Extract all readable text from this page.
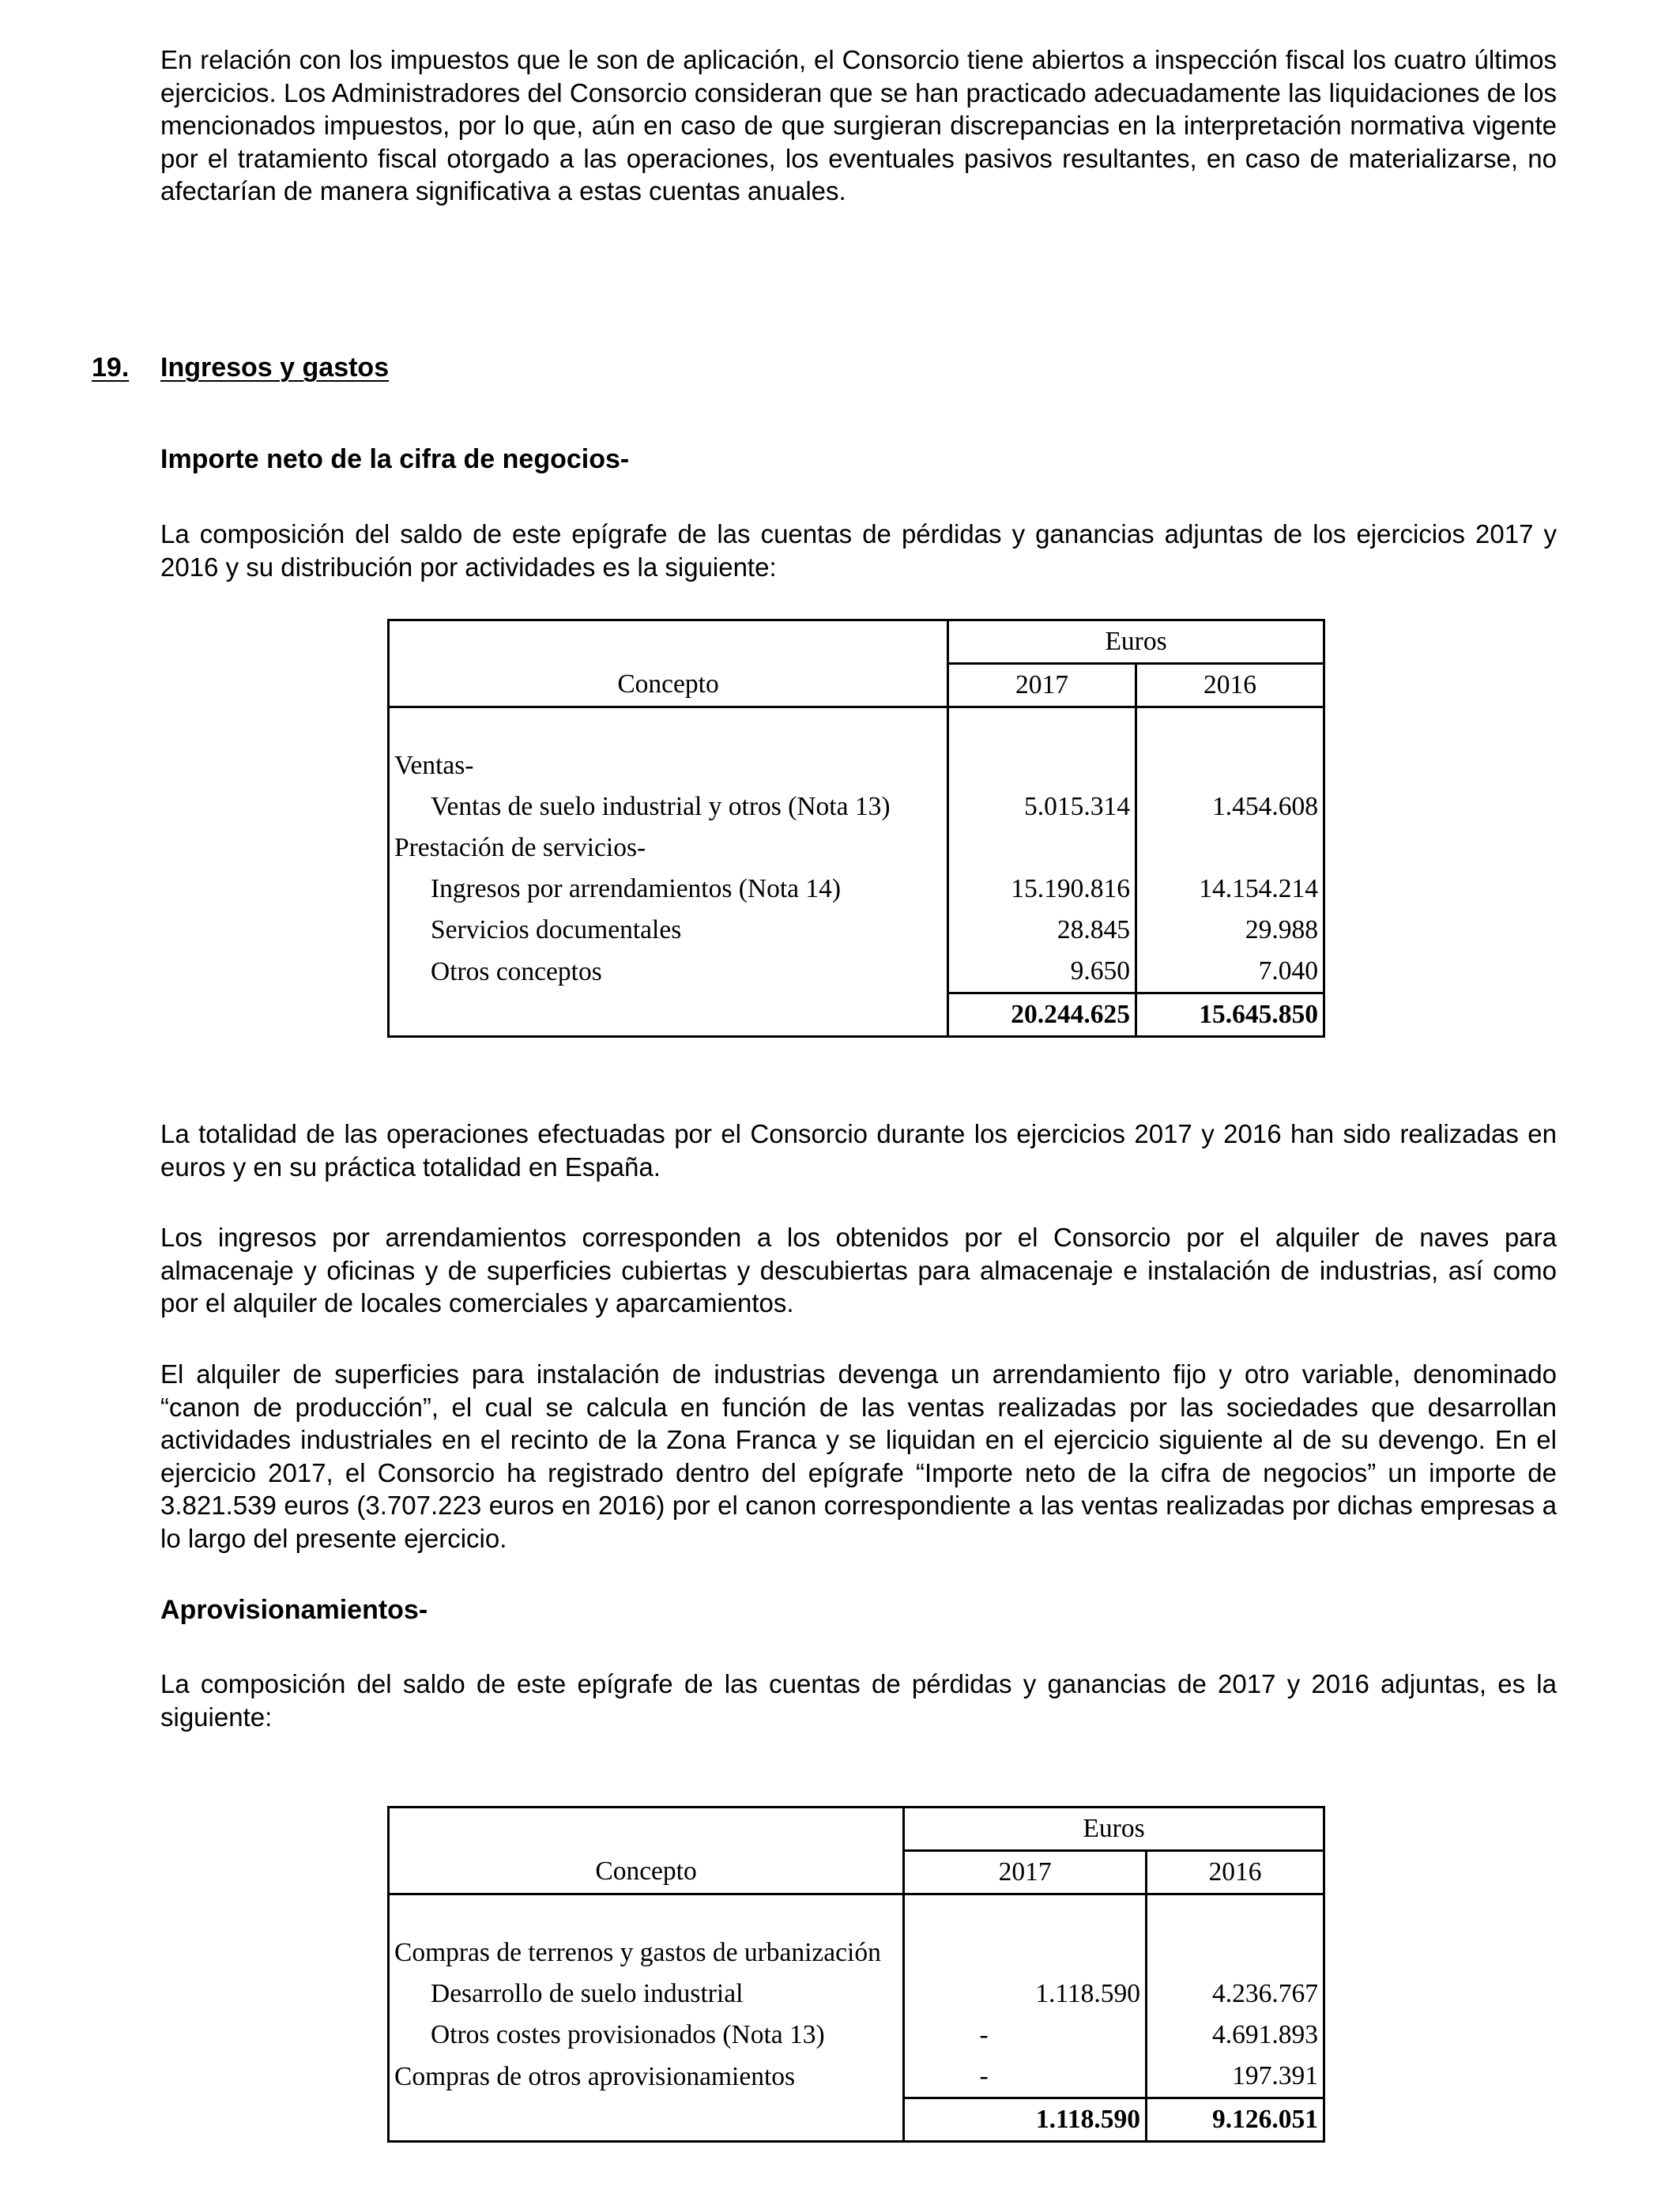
En relación con los impuestos que le son de aplicación, el Consorcio tiene abiertos a inspección fiscal los cuatro últimos ejercicios. Los Administradores del Consorcio consideran que se han practicado adecuadamente las liquidaciones de los mencionados impuestos, por lo que, aún en caso de que surgieran discrepancias en la interpretación normativa vigente por el tratamiento fiscal otorgado a las operaciones, los eventuales pasivos resultantes, en caso de materializarse, no afectarían de manera significativa a estas cuentas anuales.
19. Ingresos y gastos
Importe neto de la cifra de negocios-
La composición del saldo de este epígrafe de las cuentas de pérdidas y ganancias adjuntas de los ejercicios 2017 y 2016 y su distribución por actividades es la siguiente:
	Euros	
Concepto	2017	2016

Ventas-		
Ventas de suelo industrial y otros (Nota 13)	5.015.314	1.454.608
Prestación de servicios-		
Ingresos por arrendamientos (Nota 14)	15.190.816	14.154.214
Servicios documentales	28.845	29.988
Otros conceptos	9.650	7.040
	20.244.625	15.645.850
La totalidad de las operaciones efectuadas por el Consorcio durante los ejercicios 2017 y 2016 han sido realizadas en euros y en su práctica totalidad en España.
Los ingresos por arrendamientos corresponden a los obtenidos por el Consorcio por el alquiler de naves para almacenaje y oficinas y de superficies cubiertas y descubiertas para almacenaje e instalación de industrias, así como por el alquiler de locales comerciales y aparcamientos.
El alquiler de superficies para instalación de industrias devenga un arrendamiento fijo y otro variable, denominado “canon de producción”, el cual se calcula en función de las ventas realizadas por las sociedades que desarrollan actividades industriales en el recinto de la Zona Franca y se liquidan en el ejercicio siguiente al de su devengo. En el ejercicio 2017, el Consorcio ha registrado dentro del epígrafe “Importe neto de la cifra de negocios” un importe de 3.821.539 euros (3.707.223 euros en 2016) por el canon correspondiente a las ventas realizadas por dichas empresas a lo largo del presente ejercicio.
Aprovisionamientos-
La composición del saldo de este epígrafe de las cuentas de pérdidas y ganancias de 2017 y 2016 adjuntas, es la siguiente:
	Euros	
Concepto	2017	2016

Compras de terrenos y gastos de urbanización		
Desarrollo de suelo industrial	1.118.590	4.236.767
Otros costes provisionados (Nota 13)	-	4.691.893
Compras de otros aprovisionamientos	-	197.391
	1.118.590	9.126.051
